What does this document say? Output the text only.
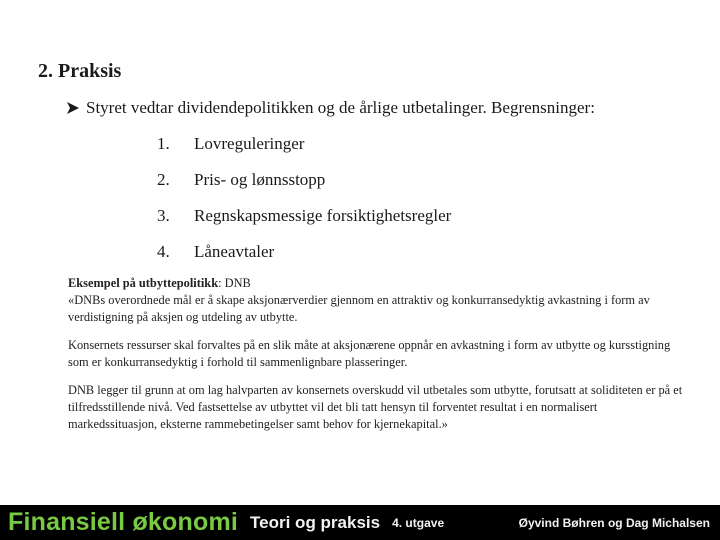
2. Praksis
Styret vedtar dividendepolitikken og de årlige utbetalinger. Begrensninger:
1.	Lovreguleringer
2.	Pris- og lønnsstopp
3.	Regnskapsmessige forsiktighetsregler
4.	Låneavtaler

Eksempel på utbyttepolitikk: DNB

«DNBs overordnede mål er å skape aksjonærverdier gjennom en attraktiv og konkurransedyktig avkastning i form av verdistigning på aksjen og utdeling av utbytte.

Konsernets ressurser skal forvaltes på en slik måte at aksjonærene oppnår en avkastning i form av utbytte og kursstigning som er konkurransedyktig i forhold til sammenlignbare plasseringer.

DNB legger til grunn at om lag halvparten av konsernets overskudd vil utbetales som utbytte, forutsatt at soliditeten er på et tilfredsstillende nivå. Ved fastsettelse av utbyttet vil det bli tatt hensyn til forventet resultat i en normalisert markedssituasjon, eksterne rammebetingelser samt behov for kjernekapital.»

Finansiell økonomi Teori og praksis 4. utgave	Øyvind Bøhren og Dag Michalsen
